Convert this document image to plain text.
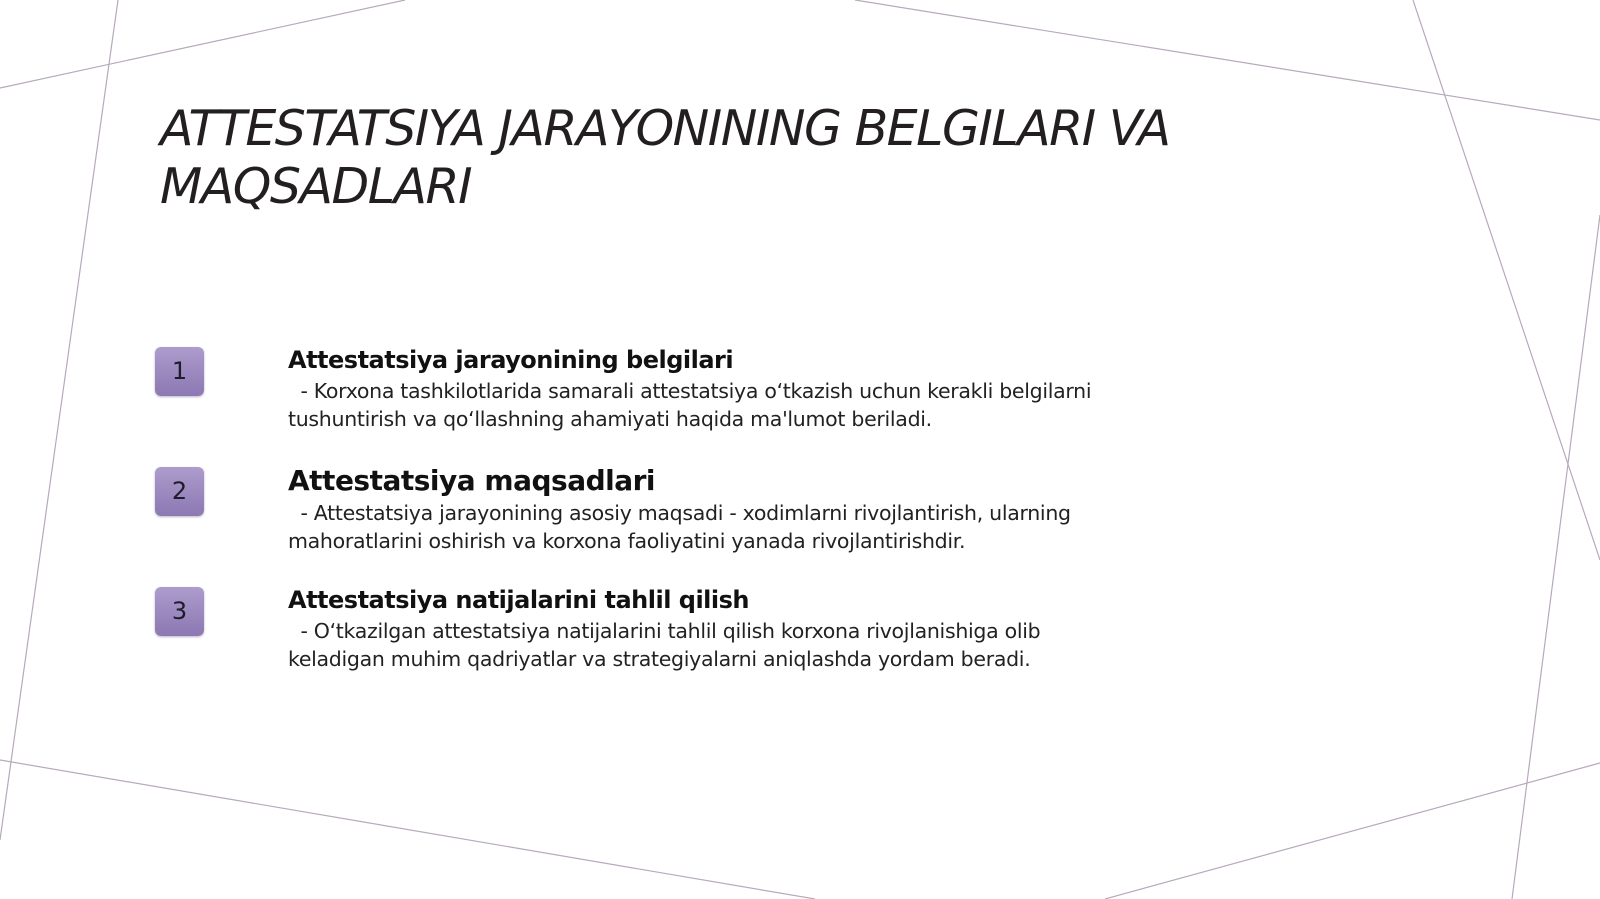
ATTESTATSIYA JARAYONINING BELGILARI VA MAQSADLARI
1	Attestatsiya jarayonining belgilari

- Korxona tashkilotlarida samarali attestatsiya o‘tkazish uchun kerakli belgilarni tushuntirish va qo‘llashning ahamiyati haqida ma'lumot beriladi.

2	Attestatsiya maqsadlari

- Attestatsiya jarayonining asosiy maqsadi - xodimlarni rivojlantirish, ularning mahoratlarini oshirish va korxona faoliyatini yanada rivojlantirishdir.

3	Attestatsiya natijalarini tahlil qilish

- O‘tkazilgan attestatsiya natijalarini tahlil qilish korxona rivojlanishiga olib keladigan muhim qadriyatlar va strategiyalarni aniqlashda yordam beradi.
